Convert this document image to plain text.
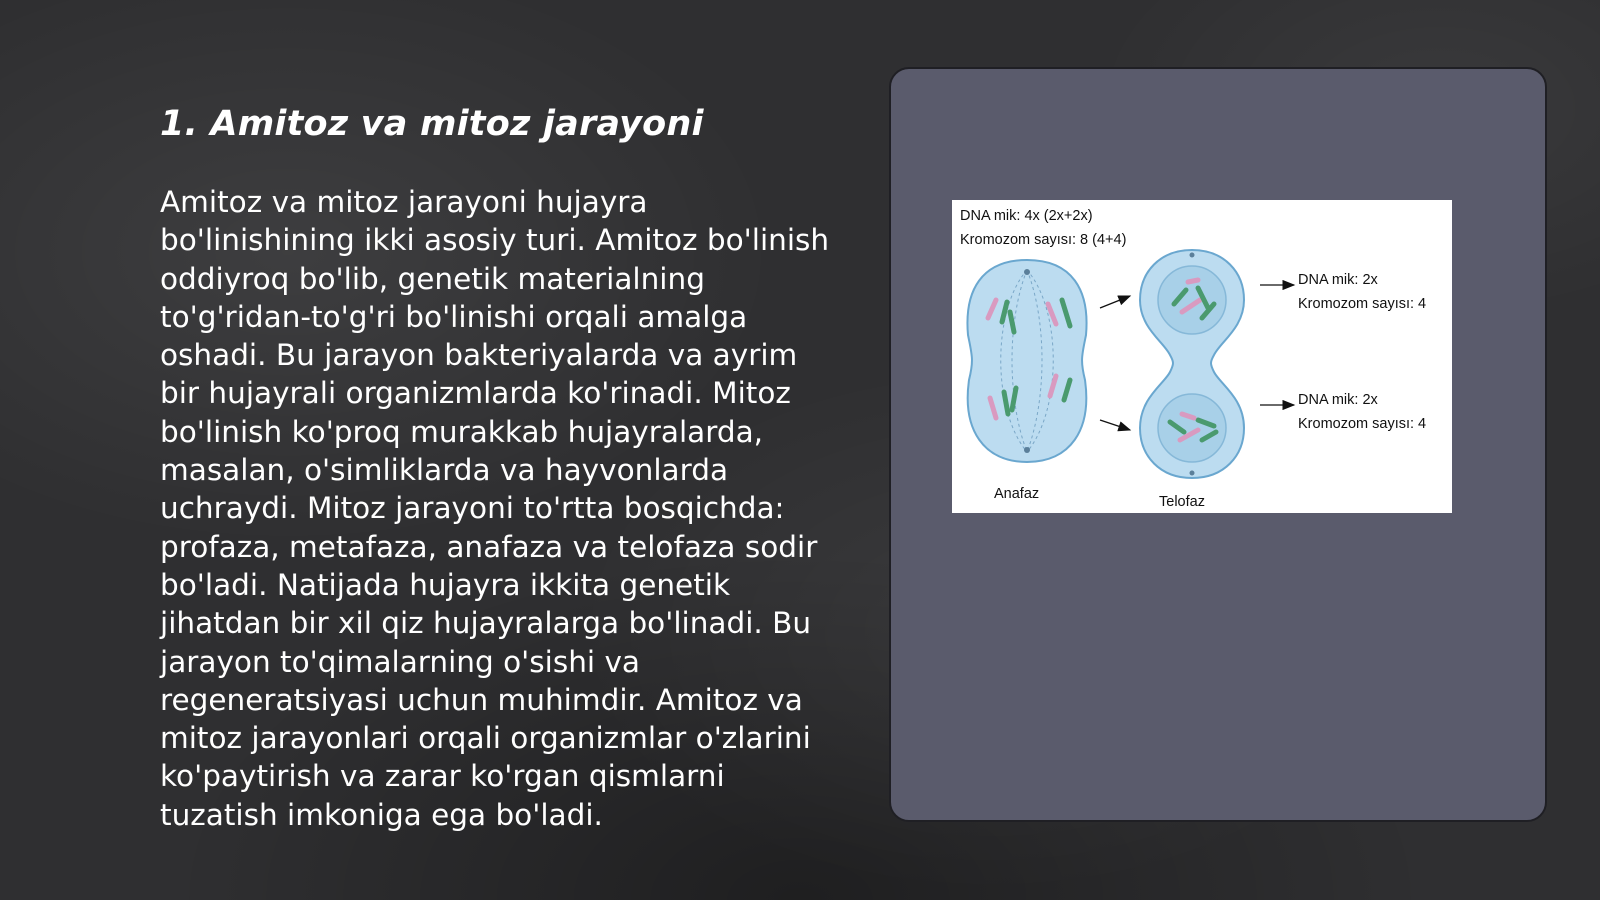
1. Amitoz va mitoz jarayoni

Amitoz va mitoz jarayoni hujayra bo'linishining ikki asosiy turi. Amitoz bo'linish oddiyroq bo'lib, genetik materialning to'g'ridan-to'g'ri bo'linishi orqali amalga oshadi. Bu jarayon bakteriyalarda va ayrim bir hujayrali organizmlarda ko'rinadi. Mitoz bo'linish ko'proq murakkab hujayralarda, masalan, o'simliklarda va hayvonlarda uchraydi. Mitoz jarayoni to'rtta bosqichda: profaza, metafaza, anafaza va telofaza sodir bo'ladi. Natijada hujayra ikkita genetik jihatdan bir xil qiz hujayralarga bo'linadi. Bu jarayon to'qimalarning o'sishi va regeneratsiyasi uchun muhimdir. Amitoz va mitoz jarayonlari orqali organizmlar o'zlarini ko'paytirish va zarar ko'rgan qismlarni tuzatish imkoniga ega bo'ladi.

DNA mik: 4x (2x+2x)
Kromozom sayısı: 8 (4+4)
DNA mik: 2x
Kromozom sayısı: 4
DNA mik: 2x
Kromozom sayısı: 4
Anafaz	Telofaz
